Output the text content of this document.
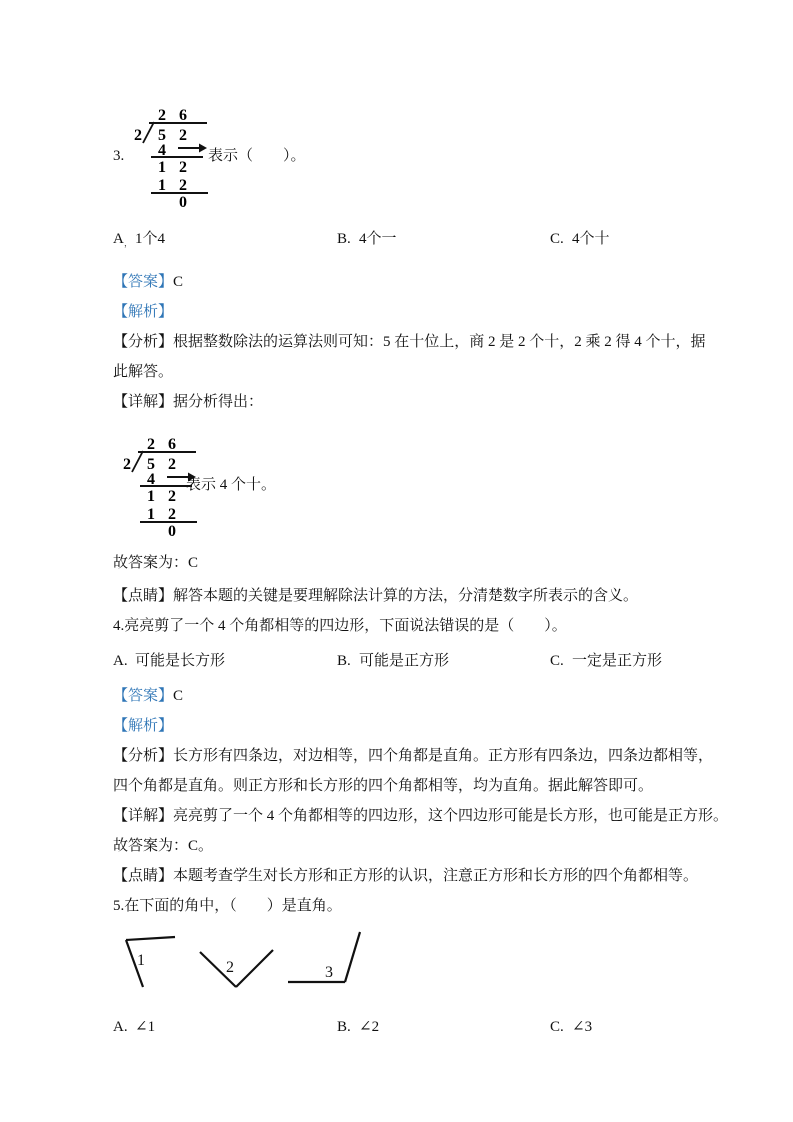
3.
2 6
2 5 2
4
1 2
1 2
0
表示（　　）。
A 1个4	B. 4个一	C. 4个十
，
【答案】C
【解析】
【分析】根据整数除法的运算法则可知：5 在十位上，商 2 是 2 个十，2 乘 2 得 4 个十，据
此解答。
【详解】据分析得出：
2 6
2 5 2
4
1 2
1 2
0
表示 4 个十。
故答案为：C
【点睛】解答本题的关键是要理解除法计算的方法，分清楚数字所表示的含义。
4.亮亮剪了一个 4 个角都相等的四边形，下面说法错误的是（　　）。
A. 可能是长方形	B. 可能是正方形	C. 一定是正方形
【答案】C
【解析】
【分析】长方形有四条边，对边相等，四个角都是直角。正方形有四条边，四条边都相等，
四个角都是直角。则正方形和长方形的四个角都相等，均为直角。据此解答即可。
【详解】亮亮剪了一个 4 个角都相等的四边形，这个四边形可能是长方形，也可能是正方形。
故答案为：C。
【点睛】本题考查学生对长方形和正方形的认识，注意正方形和长方形的四个角都相等。
5.在下面的角中，（　　）是直角。
1	2	3
A. ∠1	B. ∠2	C. ∠3
